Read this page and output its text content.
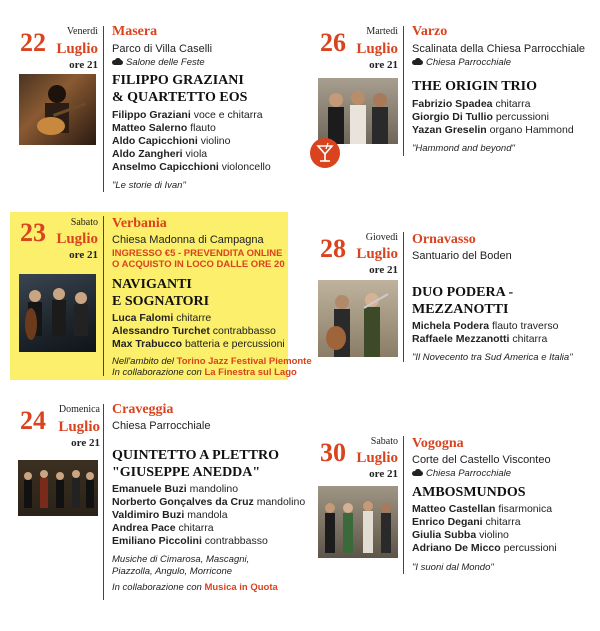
22	Venerdì
Luglio
ore 21
Masera
Parco di Villa Caselli
Salone delle Feste
FILIPPO GRAZIANI
& QUARTETTO EOS
Filippo Graziani voce e chitarra
Matteo Salerno flauto
Aldo Capicchioni violino
Aldo Zangheri viola
Anselmo Capicchioni violoncello
"Le storie di Ivan"
23	Sabato
Luglio
ore 21
Verbania
Chiesa Madonna di Campagna
INGRESSO €5 - PREVENDITA ONLINE
O ACQUISTO IN LOCO DALLE ORE 20
NAVIGANTI
E SOGNATORI
Luca Falomi chitarre
Alessandro Turchet contrabbasso
Max Trabucco batteria e percussioni
Nell'ambito del Torino Jazz Festival Piemonte
In collaborazione con La Finestra sul Lago
24	Domenica
Luglio
ore 21
Craveggia
Chiesa Parrocchiale
QUINTETTO A PLETTRO
"GIUSEPPE ANEDDA"
Emanuele Buzi mandolino
Norberto Gonçalves da Cruz mandolino
Valdimiro Buzi mandola
Andrea Pace chitarra
Emiliano Piccolini contrabbasso
Musiche di Cimarosa, Mascagni,
Piazzolla, Angulo, Morricone
In collaborazione con Musica in Quota
26	Martedì
Luglio
ore 21
Varzo
Scalinata della Chiesa Parrocchiale
Chiesa Parrocchiale
THE ORIGIN TRIO
Fabrizio Spadea chitarra
Giorgio Di Tullio percussioni
Yazan Greselin organo Hammond
"Hammond and beyond"
28	Giovedì
Luglio
ore 21
Ornavasso
Santuario del Boden
DUO PODERA -
MEZZANOTTI
Michela Podera flauto traverso
Raffaele Mezzanotti chitarra
"Il Novecento tra Sud America e Italia"
30	Sabato
Luglio
ore 21
Vogogna
Corte del Castello Visconteo
Chiesa Parrocchiale
AMBOSMUNDOS
Matteo Castellan fisarmonica
Enrico Degani chitarra
Giulia Subba violino
Adriano De Micco percussioni
"I suoni dal Mondo"
